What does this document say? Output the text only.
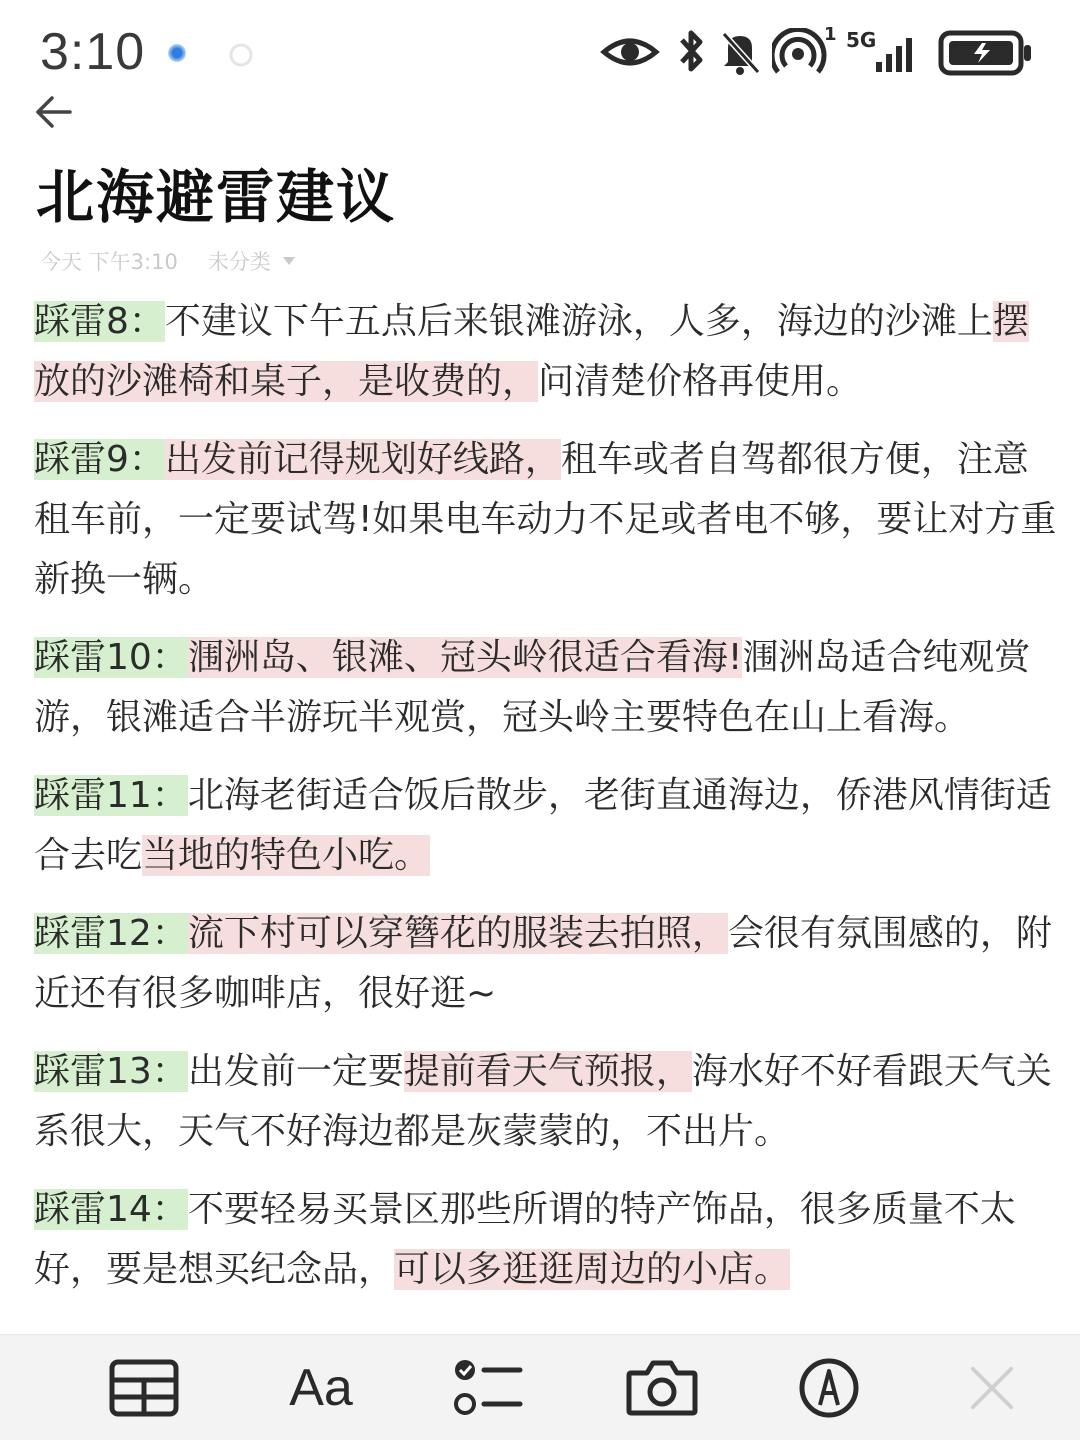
3:10	1 5G
北海避雷建议
今天 下午3:10 未分类

踩雷8：不建议下午五点后来银滩游泳，人多，海边的沙滩上摆放的沙滩椅和桌子，是收费的，问清楚价格再使用。

踩雷9：出发前记得规划好线路，租车或者自驾都很方便，注意租车前，一定要试驾!如果电车动力不足或者电不够，要让对方重新换一辆。

踩雷10：涠洲岛、银滩、冠头岭很适合看海!涠洲岛适合纯观赏游，银滩适合半游玩半观赏，冠头岭主要特色在山上看海。

踩雷11：北海老街适合饭后散步，老街直通海边，侨港风情街适合去吃当地的特色小吃。

踩雷12：流下村可以穿簪花的服装去拍照，会很有氛围感的，附近还有很多咖啡店，很好逛~

踩雷13：出发前一定要提前看天气预报，海水好不好看跟天气关系很大，天气不好海边都是灰蒙蒙的，不出片。

踩雷14：不要轻易买景区那些所谓的特产饰品，很多质量不太好，要是想买纪念品，可以多逛逛周边的小店。

Aa
